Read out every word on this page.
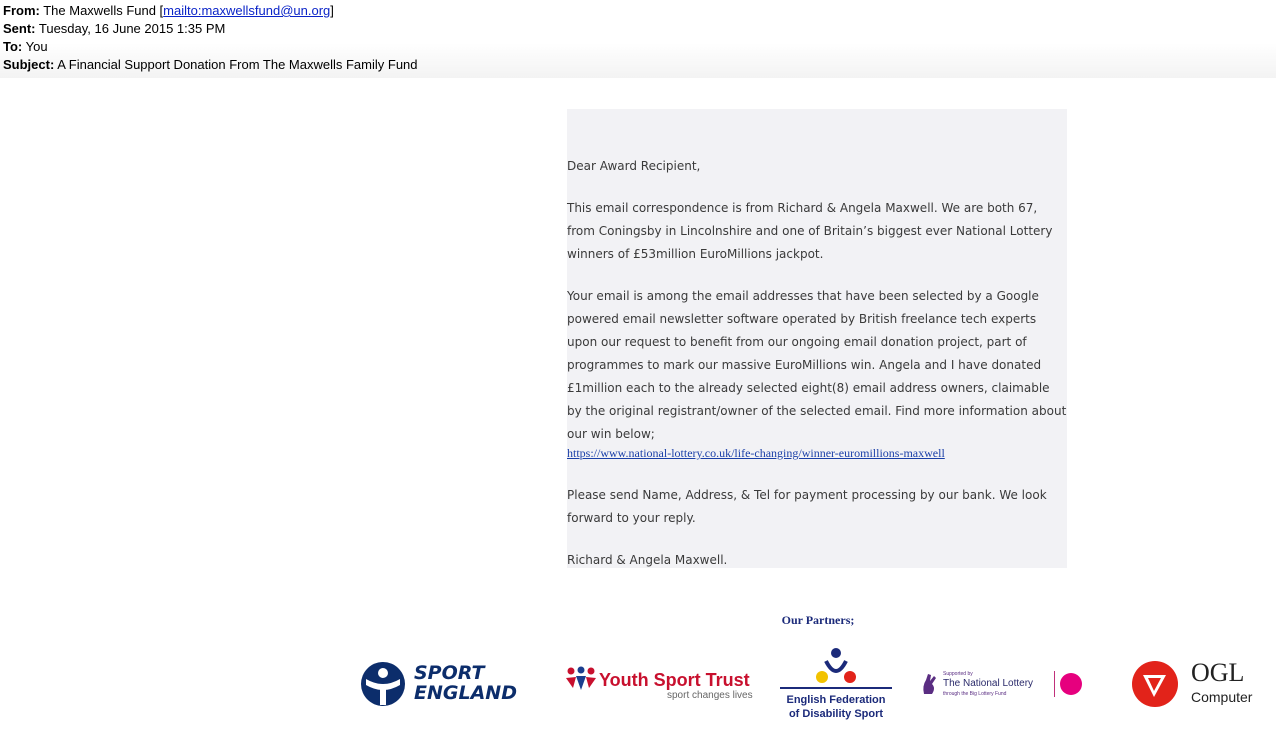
From: The Maxwells Fund [mailto:maxwellsfund@un.org]
Sent: Tuesday, 16 June 2015 1:35 PM
To: You
Subject: A Financial Support Donation From The Maxwells Family Fund

Dear Award Recipient,

This email correspondence is from Richard & Angela Maxwell. We are both 67, from Coningsby in Lincolnshire and one of Britain’s biggest ever National Lottery winners of £53million EuroMillions jackpot.

Your email is among the email addresses that have been selected by a Google powered email newsletter software operated by British freelance tech experts upon our request to benefit from our ongoing email donation project, part of programmes to mark our massive EuroMillions win. Angela and I have donated £1million each to the already selected eight(8) email address owners, claimable by the original registrant/owner of the selected email. Find more information about our win below;

https://www.national-lottery.co.uk/life-changing/winner-euromillions-maxwell

Please send Name, Address, & Tel for payment processing by our bank. We look forward to your reply.

Richard & Angela Maxwell.

Our Partners;
SPORT
ENGLAND
Youth Sport Trust
sport changes lives	English Federation
of Disability Sport
Supported by
The National Lottery
through the Big Lottery Fund
OGL
Computer
